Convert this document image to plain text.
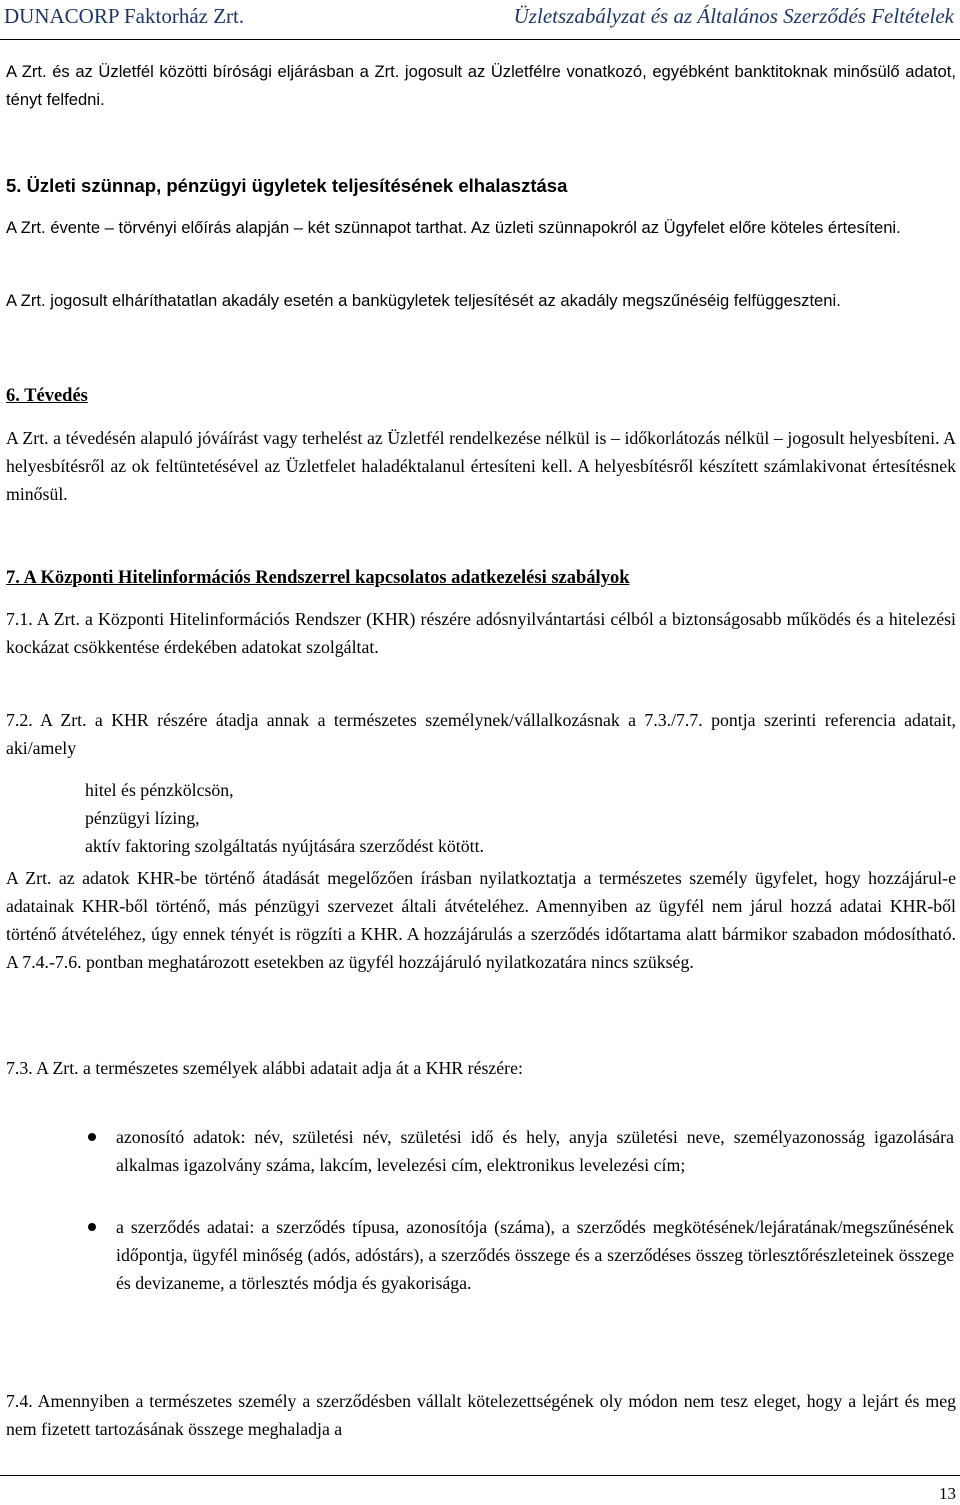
DUNACORP Faktorház Zrt.	Üzletszabályzat és az Általános Szerződés Feltételek

A Zrt. és az Üzletfél közötti bírósági eljárásban a Zrt. jogosult az Üzletfélre vonatkozó, egyébként banktitoknak minősülő adatot, tényt felfedni.

5. Üzleti szünnap, pénzügyi ügyletek teljesítésének elhalasztása

A Zrt. évente – törvényi előírás alapján – két szünnapot tarthat. Az üzleti szünnapokról az Ügyfelet előre köteles értesíteni.

A Zrt. jogosult elháríthatatlan akadály esetén a bankügyletek teljesítését az akadály megszűnéséig felfüggeszteni.

6. Tévedés

A Zrt. a tévedésén alapuló jóváírást vagy terhelést az Üzletfél rendelkezése nélkül is – időkorlátozás nélkül – jogosult helyesbíteni. A helyesbítésről az ok feltüntetésével az Üzletfelet haladéktalanul értesíteni kell. A helyesbítésről készített számlakivonat értesítésnek minősül.

7. A Központi Hitelinformációs Rendszerrel kapcsolatos adatkezelési szabályok

7.1. A Zrt. a Központi Hitelinformációs Rendszer (KHR) részére adósnyilvántartási célból a biztonságosabb működés és a hitelezési kockázat csökkentése érdekében adatokat szolgáltat.

7.2. A Zrt. a KHR részére átadja annak a természetes személynek/vállalkozásnak a 7.3./7.7. pontja szerinti referencia adatait, aki/amely

hitel és pénzkölcsön,
pénzügyi lízing,
aktív faktoring szolgáltatás nyújtására szerződést kötött.

A Zrt. az adatok KHR-be történő átadását megelőzően írásban nyilatkoztatja a természetes személy ügyfelet, hogy hozzájárul-e adatainak KHR-ből történő, más pénzügyi szervezet általi átvételéhez. Amennyiben az ügyfél nem járul hozzá adatai KHR-ből történő átvételéhez, úgy ennek tényét is rögzíti a KHR. A hozzájárulás a szerződés időtartama alatt bármikor szabadon módosítható. A 7.4.-7.6. pontban meghatározott esetekben az ügyfél hozzájáruló nyilatkozatára nincs szükség.

7.3. A Zrt. a természetes személyek alábbi adatait adja át a KHR részére:

azonosító adatok: név, születési név, születési idő és hely, anyja születési neve, személyazonosság igazolására alkalmas igazolvány száma, lakcím, levelezési cím, elektronikus levelezési cím;

a szerződés adatai: a szerződés típusa, azonosítója (száma), a szerződés megkötésének/lejáratának/megszűnésének időpontja, ügyfél minőség (adós, adóstárs), a szerződés összege és a szerződéses összeg törlesztőrészleteinek összege és devizaneme, a törlesztés módja és gyakorisága.

7.4. Amennyiben a természetes személy a szerződésben vállalt kötelezettségének oly módon nem tesz eleget, hogy a lejárt és meg nem fizetett tartozásának összege meghaladja a

13
